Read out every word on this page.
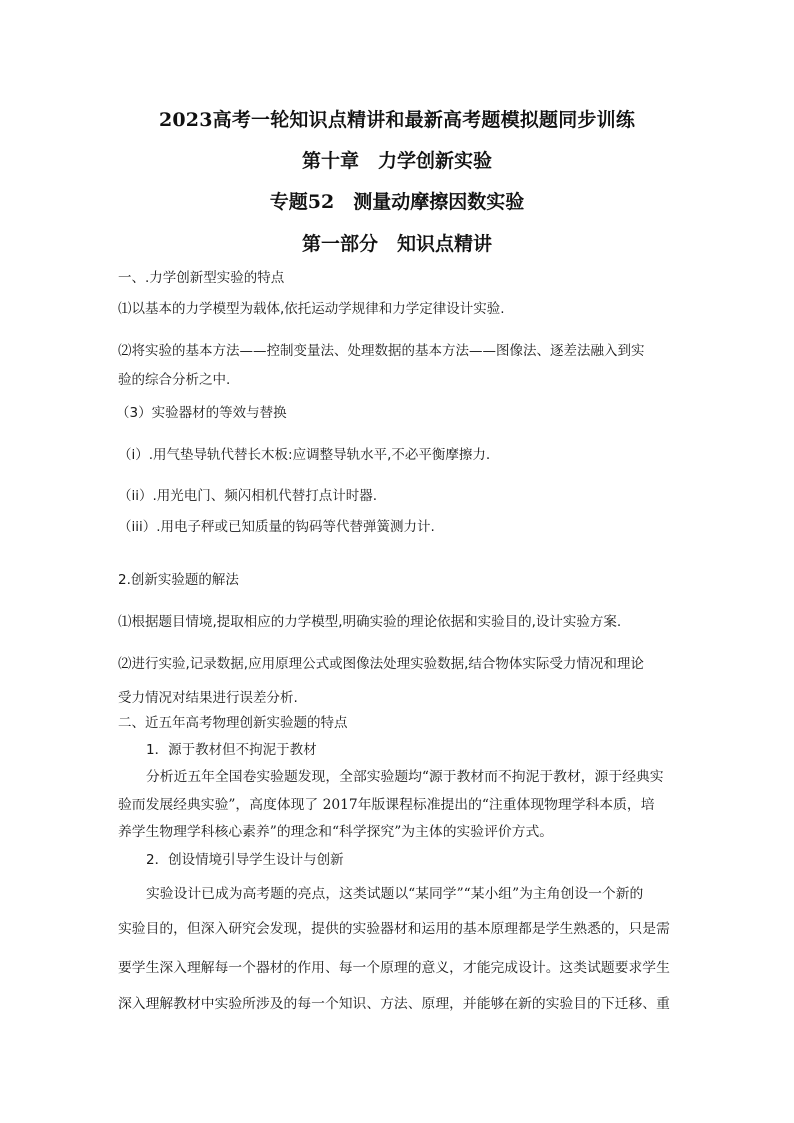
2023高考一轮知识点精讲和最新高考题模拟题同步训练
第十章　力学创新实验
专题52　测量动摩擦因数实验
第一部分　知识点精讲
一、.力学创新型实验的特点
⑴以基本的力学模型为载体,依托运动学规律和力学定律设计实验.
⑵将实验的基本方法——控制变量法、处理数据的基本方法——图像法、逐差法融入到实
验的综合分析之中.
（3）实验器材的等效与替换
（i）.用气垫导轨代替长木板:应调整导轨水平,不必平衡摩擦力.
（ii）.用光电门、频闪相机代替打点计时器.
（iii）.用电子秤或已知质量的钩码等代替弹簧测力计.
2.创新实验题的解法
⑴根据题目情境,提取相应的力学模型,明确实验的理论依据和实验目的,设计实验方案.
⑵进行实验,记录数据,应用原理公式或图像法处理实验数据,结合物体实际受力情况和理论
受力情况对结果进行误差分析.
二、近五年高考物理创新实验题的特点
1．源于教材但不拘泥于教材
分析近五年全国卷实验题发现，全部实验题均“源于教材而不拘泥于教材，源于经典实
验而发展经典实验”，高度体现了 2017年版课程标准提出的“注重体现物理学科本质，培
养学生物理学科核心素养”的理念和“科学探究”为主体的实验评价方式。
2．创设情境引导学生设计与创新
实验设计已成为高考题的亮点，这类试题以“某同学”“某小组”为主角创设一个新的
实验目的，但深入研究会发现，提供的实验器材和运用的基本原理都是学生熟悉的，只是需
要学生深入理解每一个器材的作用、每一个原理的意义，才能完成设计。这类试题要求学生
深入理解教材中实验所涉及的每一个知识、方法、原理，并能够在新的实验目的下迁移、重
